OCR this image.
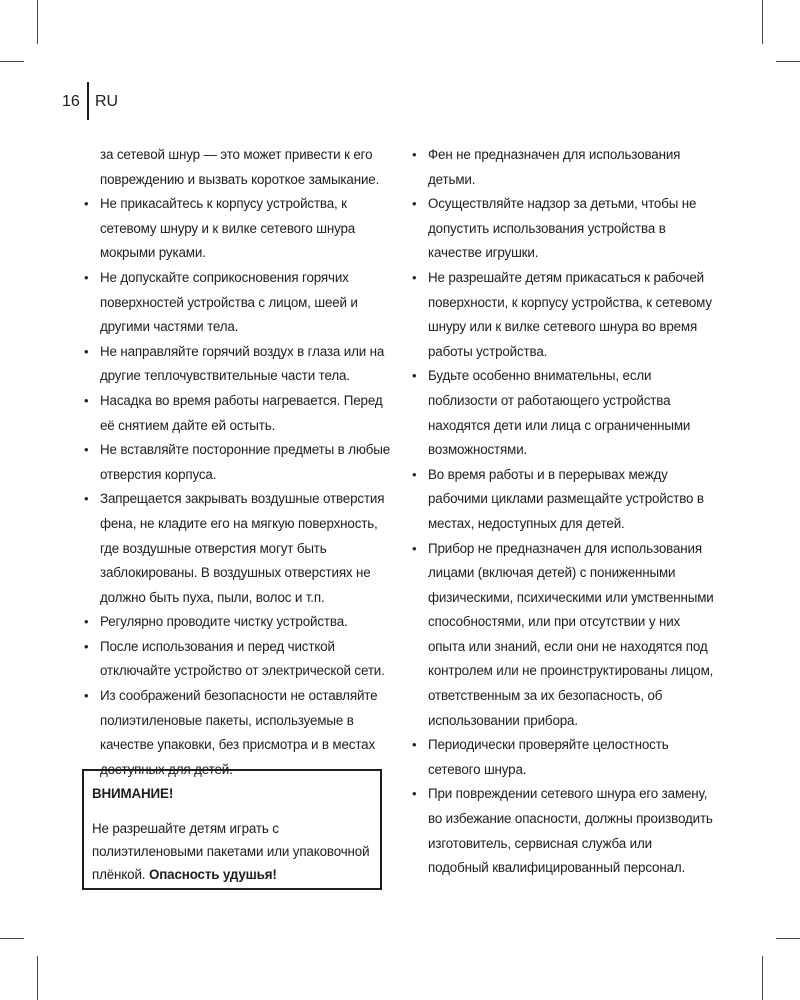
16 RU

за сетевой шнур — это может привести к его повреждению и вызвать короткое замыкание.

• Не прикасайтесь к корпусу устройства, к сетевому шнуру и к вилке сетевого шнура мокрыми руками.
• Не допускайте соприкосновения горячих поверхностей устройства с лицом, шеей и другими частями тела.
• Не направляйте горячий воздух в глаза или на другие теплочувствительные части тела.
• Насадка во время работы нагревается. Перед её снятием дайте ей остыть.
• Не вставляйте посторонние предметы в любые отверстия корпуса.
• Запрещается закрывать воздушные отверстия фена, не кладите его на мягкую поверхность, где воздушные отверстия могут быть заблокированы. В воздушных отверстиях не должно быть пуха, пыли, волос и т.п.
• Регулярно проводите чистку устройства.
• После использования и перед чисткой отключайте устройство от электрической сети.
• Из соображений безопасности не оставляйте полиэтиленовые пакеты, используемые в качестве упаковки, без присмотра и в местах доступных для детей.
ВНИМАНИЕ!
Не разрешайте детям играть с полиэтиленовыми пакетами или упаковочной плёнкой. Опасность удушья!
• Фен не предназначен для использования детьми.
• Осуществляйте надзор за детьми, чтобы не допустить использования устройства в качестве игрушки.
• Не разрешайте детям прикасаться к рабочей поверхности, к корпусу устройства, к сетевому шнуру или к вилке сетевого шнура во время работы устройства.
• Будьте особенно внимательны, если поблизости от работающего устройства находятся дети или лица с ограниченными возможностями.
• Во время работы и в перерывах между рабочими циклами размещайте устройство в местах, недоступных для детей.
• Прибор не предназначен для использования лицами (включая детей) с пониженными физическими, психическими или умственными способностями, или при отсутствии у них опыта или знаний, если они не находятся под контролем или не проинструктированы лицом, ответственным за их безопасность, об использовании прибора.
• Периодически проверяйте целостность сетевого шнура.
• При повреждении сетевого шнура его замену, во избежание опасности, должны производить изготовитель, сервисная служба или подобный квалифицированный персонал.
